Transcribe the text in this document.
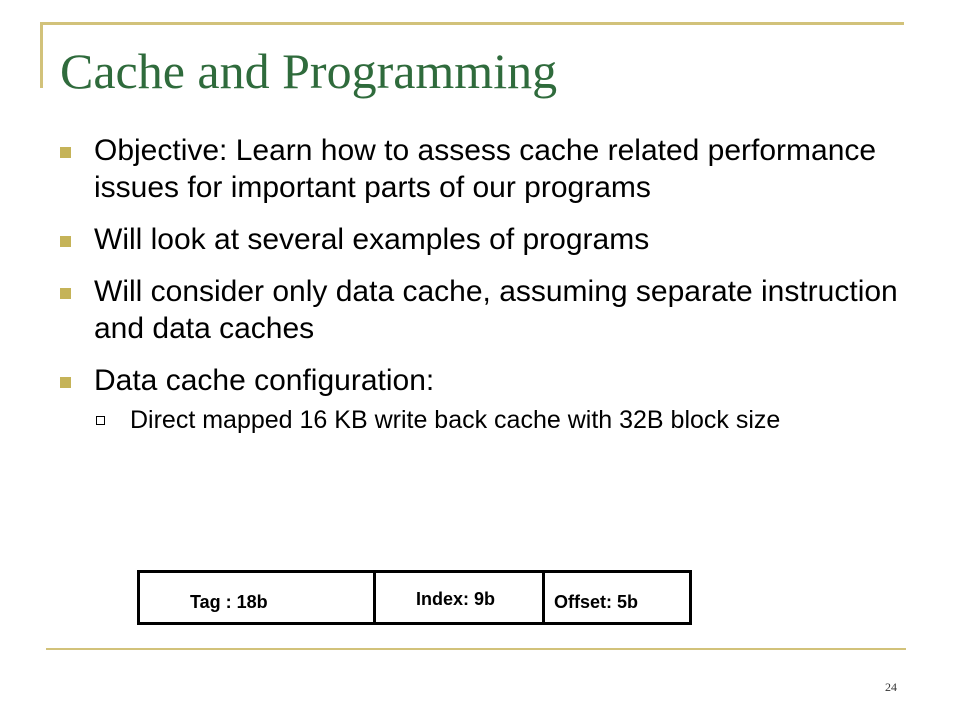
Cache and Programming
Objective: Learn how to assess cache related performance issues for important parts of our programs
Will look at several examples of programs
Will consider only data cache, assuming separate instruction and data caches
Data cache configuration:
Direct mapped 16 KB write back cache with 32B block size
Tag : 18b	Index: 9b	Offset: 5b
24
